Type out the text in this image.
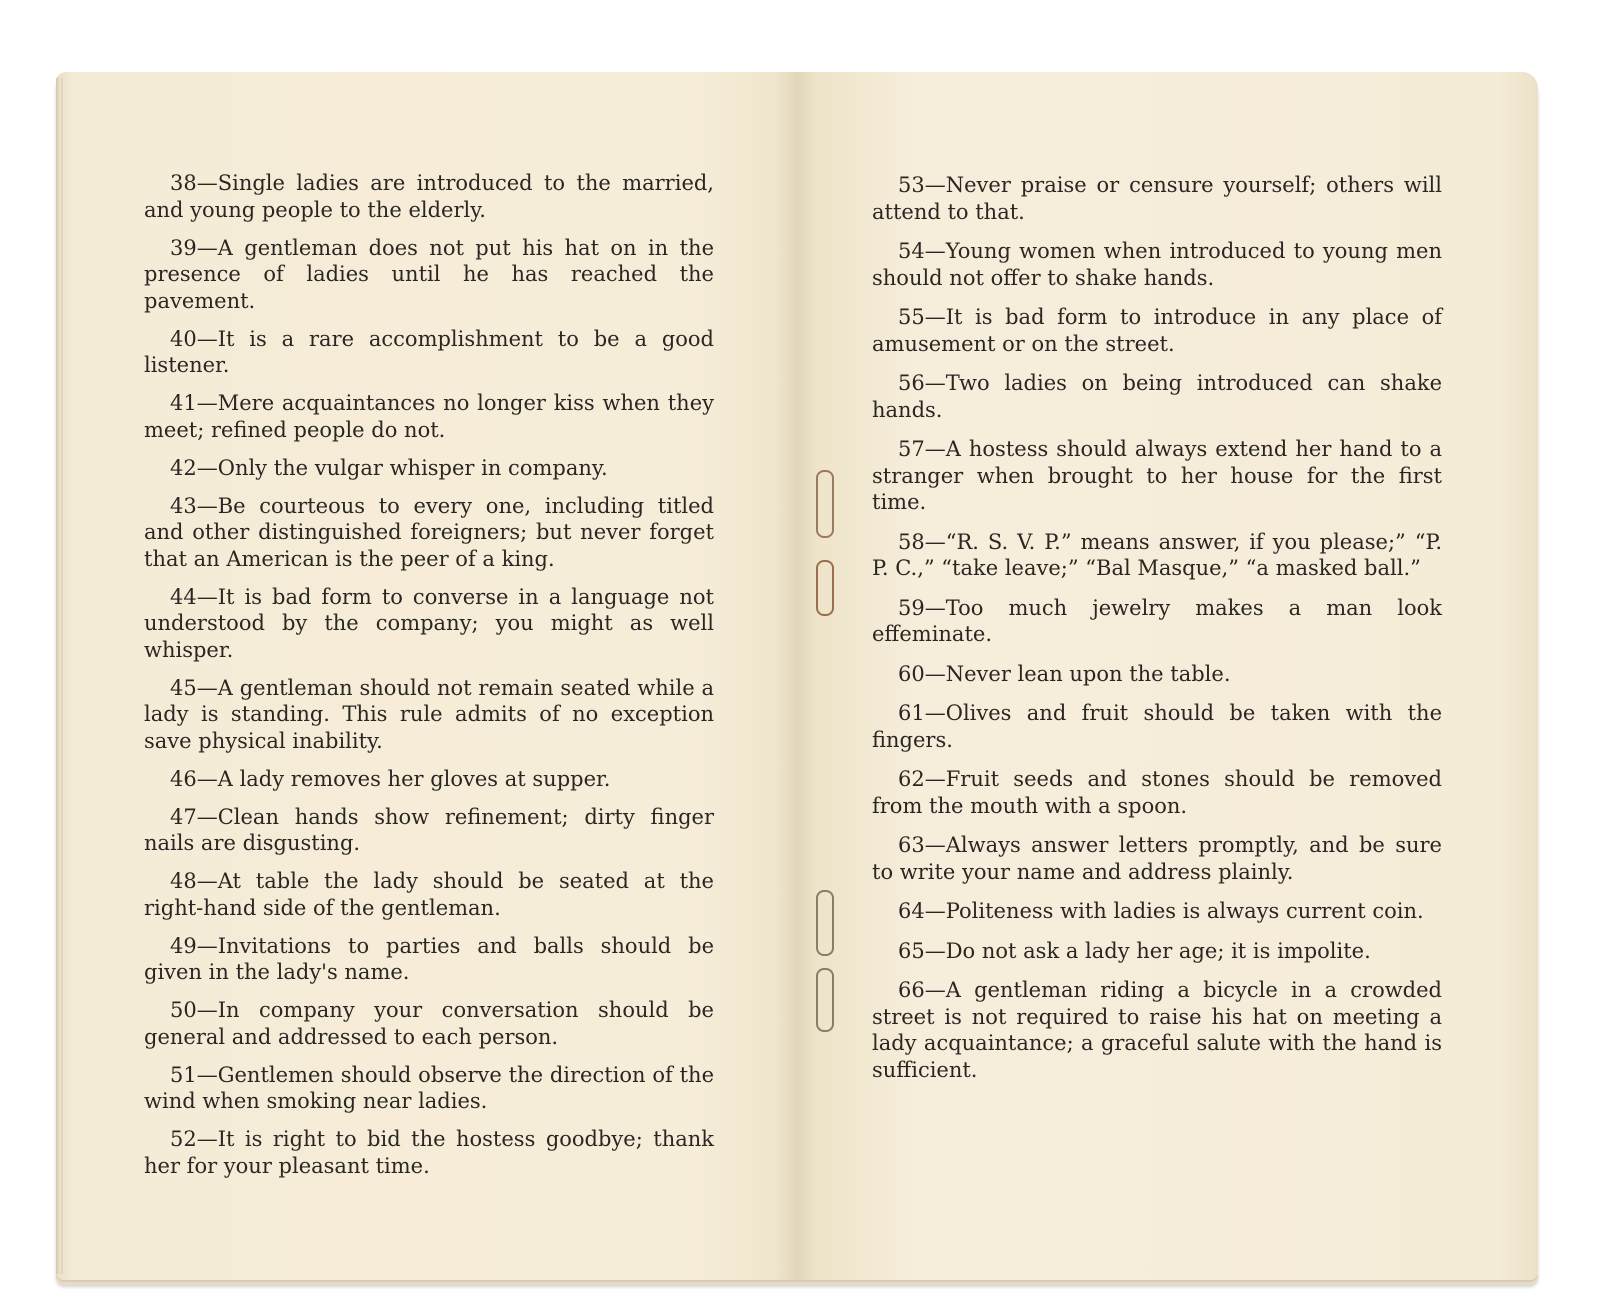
38—Single ladies are introduced to the married, and young people to the elderly.
39—A gentleman does not put his hat on in the presence of ladies until he has reached the pavement.
40—It is a rare accomplishment to be a good listener.
41—Mere acquaintances no longer kiss when they meet; refined people do not.
42—Only the vulgar whisper in company.
43—Be courteous to every one, including titled and other distinguished foreigners; but never forget that an American is the peer of a king.
44—It is bad form to converse in a language not understood by the company; you might as well whisper.
45—A gentleman should not remain seated while a lady is standing. This rule admits of no exception save physical inability.
46—A lady removes her gloves at supper.
47—Clean hands show refinement; dirty finger nails are disgusting.
48—At table the lady should be seated at the right-hand side of the gentleman.
49—Invitations to parties and balls should be given in the lady's name.
50—In company your conversation should be general and addressed to each person.
51—Gentlemen should observe the direction of the wind when smoking near ladies.
52—It is right to bid the hostess goodbye; thank her for your pleasant time.
53—Never praise or censure yourself; others will attend to that.
54—Young women when introduced to young men should not offer to shake hands.
55—It is bad form to introduce in any place of amusement or on the street.
56—Two ladies on being introduced can shake hands.
57—A hostess should always extend her hand to a stranger when brought to her house for the first time.
58—“R. S. V. P.” means answer, if you please;” “P. P. C.,” “take leave;” “Bal Masque,” “a masked ball.”
59—Too much jewelry makes a man look effeminate.
60—Never lean upon the table.
61—Olives and fruit should be taken with the fingers.
62—Fruit seeds and stones should be removed from the mouth with a spoon.
63—Always answer letters promptly, and be sure to write your name and address plainly.
64—Politeness with ladies is always current coin.
65—Do not ask a lady her age; it is impolite.
66—A gentleman riding a bicycle in a crowded street is not required to raise his hat on meeting a lady acquaintance; a graceful salute with the hand is sufficient.
